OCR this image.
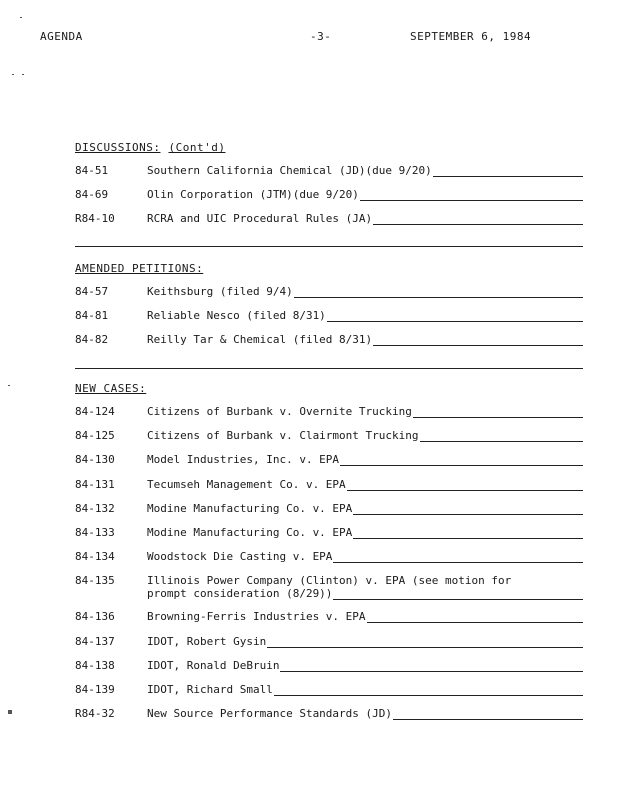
AGENDA	-3-	SEPTEMBER 6, 1984
DISCUSSIONS: (Cont'd)
84-51	Southern California Chemical (JD)(due 9/20)
84-69	Olin Corporation (JTM)(due 9/20)
R84-10	RCRA and UIC Procedural Rules (JA)
AMENDED PETITIONS:
84-57	Keithsburg (filed 9/4)
84-81	Reliable Nesco (filed 8/31)
84-82	Reilly Tar & Chemical (filed 8/31)
NEW CASES:
84-124	Citizens of Burbank v. Overnite Trucking
84-125	Citizens of Burbank v. Clairmont Trucking
84-130	Model Industries, Inc. v. EPA
84-131	Tecumseh Management Co. v. EPA
84-132	Modine Manufacturing Co. v. EPA
84-133	Modine Manufacturing Co. v. EPA
84-134	Woodstock Die Casting v. EPA
84-135	Illinois Power Company (Clinton) v. EPA (see motion for
prompt consideration (8/29))
84-136	Browning-Ferris Industries v. EPA
84-137	IDOT, Robert Gysin
84-138	IDOT, Ronald DeBruin
84-139	IDOT, Richard Small
R84-32	New Source Performance Standards (JD)
